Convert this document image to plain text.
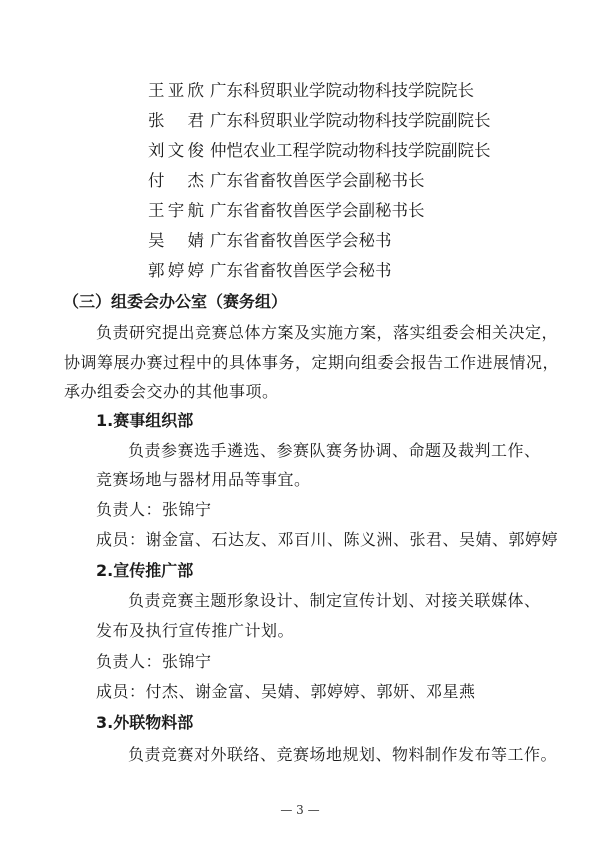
王亚欣 广东科贸职业学院动物科技学院院长
张　君 广东科贸职业学院动物科技学院副院长
刘文俊 仲恺农业工程学院动物科技学院副院长
付　杰 广东省畜牧兽医学会副秘书长
王宇航 广东省畜牧兽医学会副秘书长
吴　婧 广东省畜牧兽医学会秘书
郭婷婷 广东省畜牧兽医学会秘书
（三）组委会办公室（赛务组）
负责研究提出竞赛总体方案及实施方案，落实组委会相关决定，
协调筹展办赛过程中的具体事务，定期向组委会报告工作进展情况，
承办组委会交办的其他事项。
1.赛事组织部
负责参赛选手遴选、参赛队赛务协调、命题及裁判工作、
竞赛场地与器材用品等事宜。
负责人：张锦宁
成员：谢金富、石达友、邓百川、陈义洲、张君、吴婧、郭婷婷
2.宣传推广部
负责竞赛主题形象设计、制定宣传计划、对接关联媒体、
发布及执行宣传推广计划。
负责人：张锦宁
成员：付杰、谢金富、吴婧、郭婷婷、郭妍、邓星燕
3.外联物料部
负责竞赛对外联络、竞赛场地规划、物料制作发布等工作。
— 3 —
